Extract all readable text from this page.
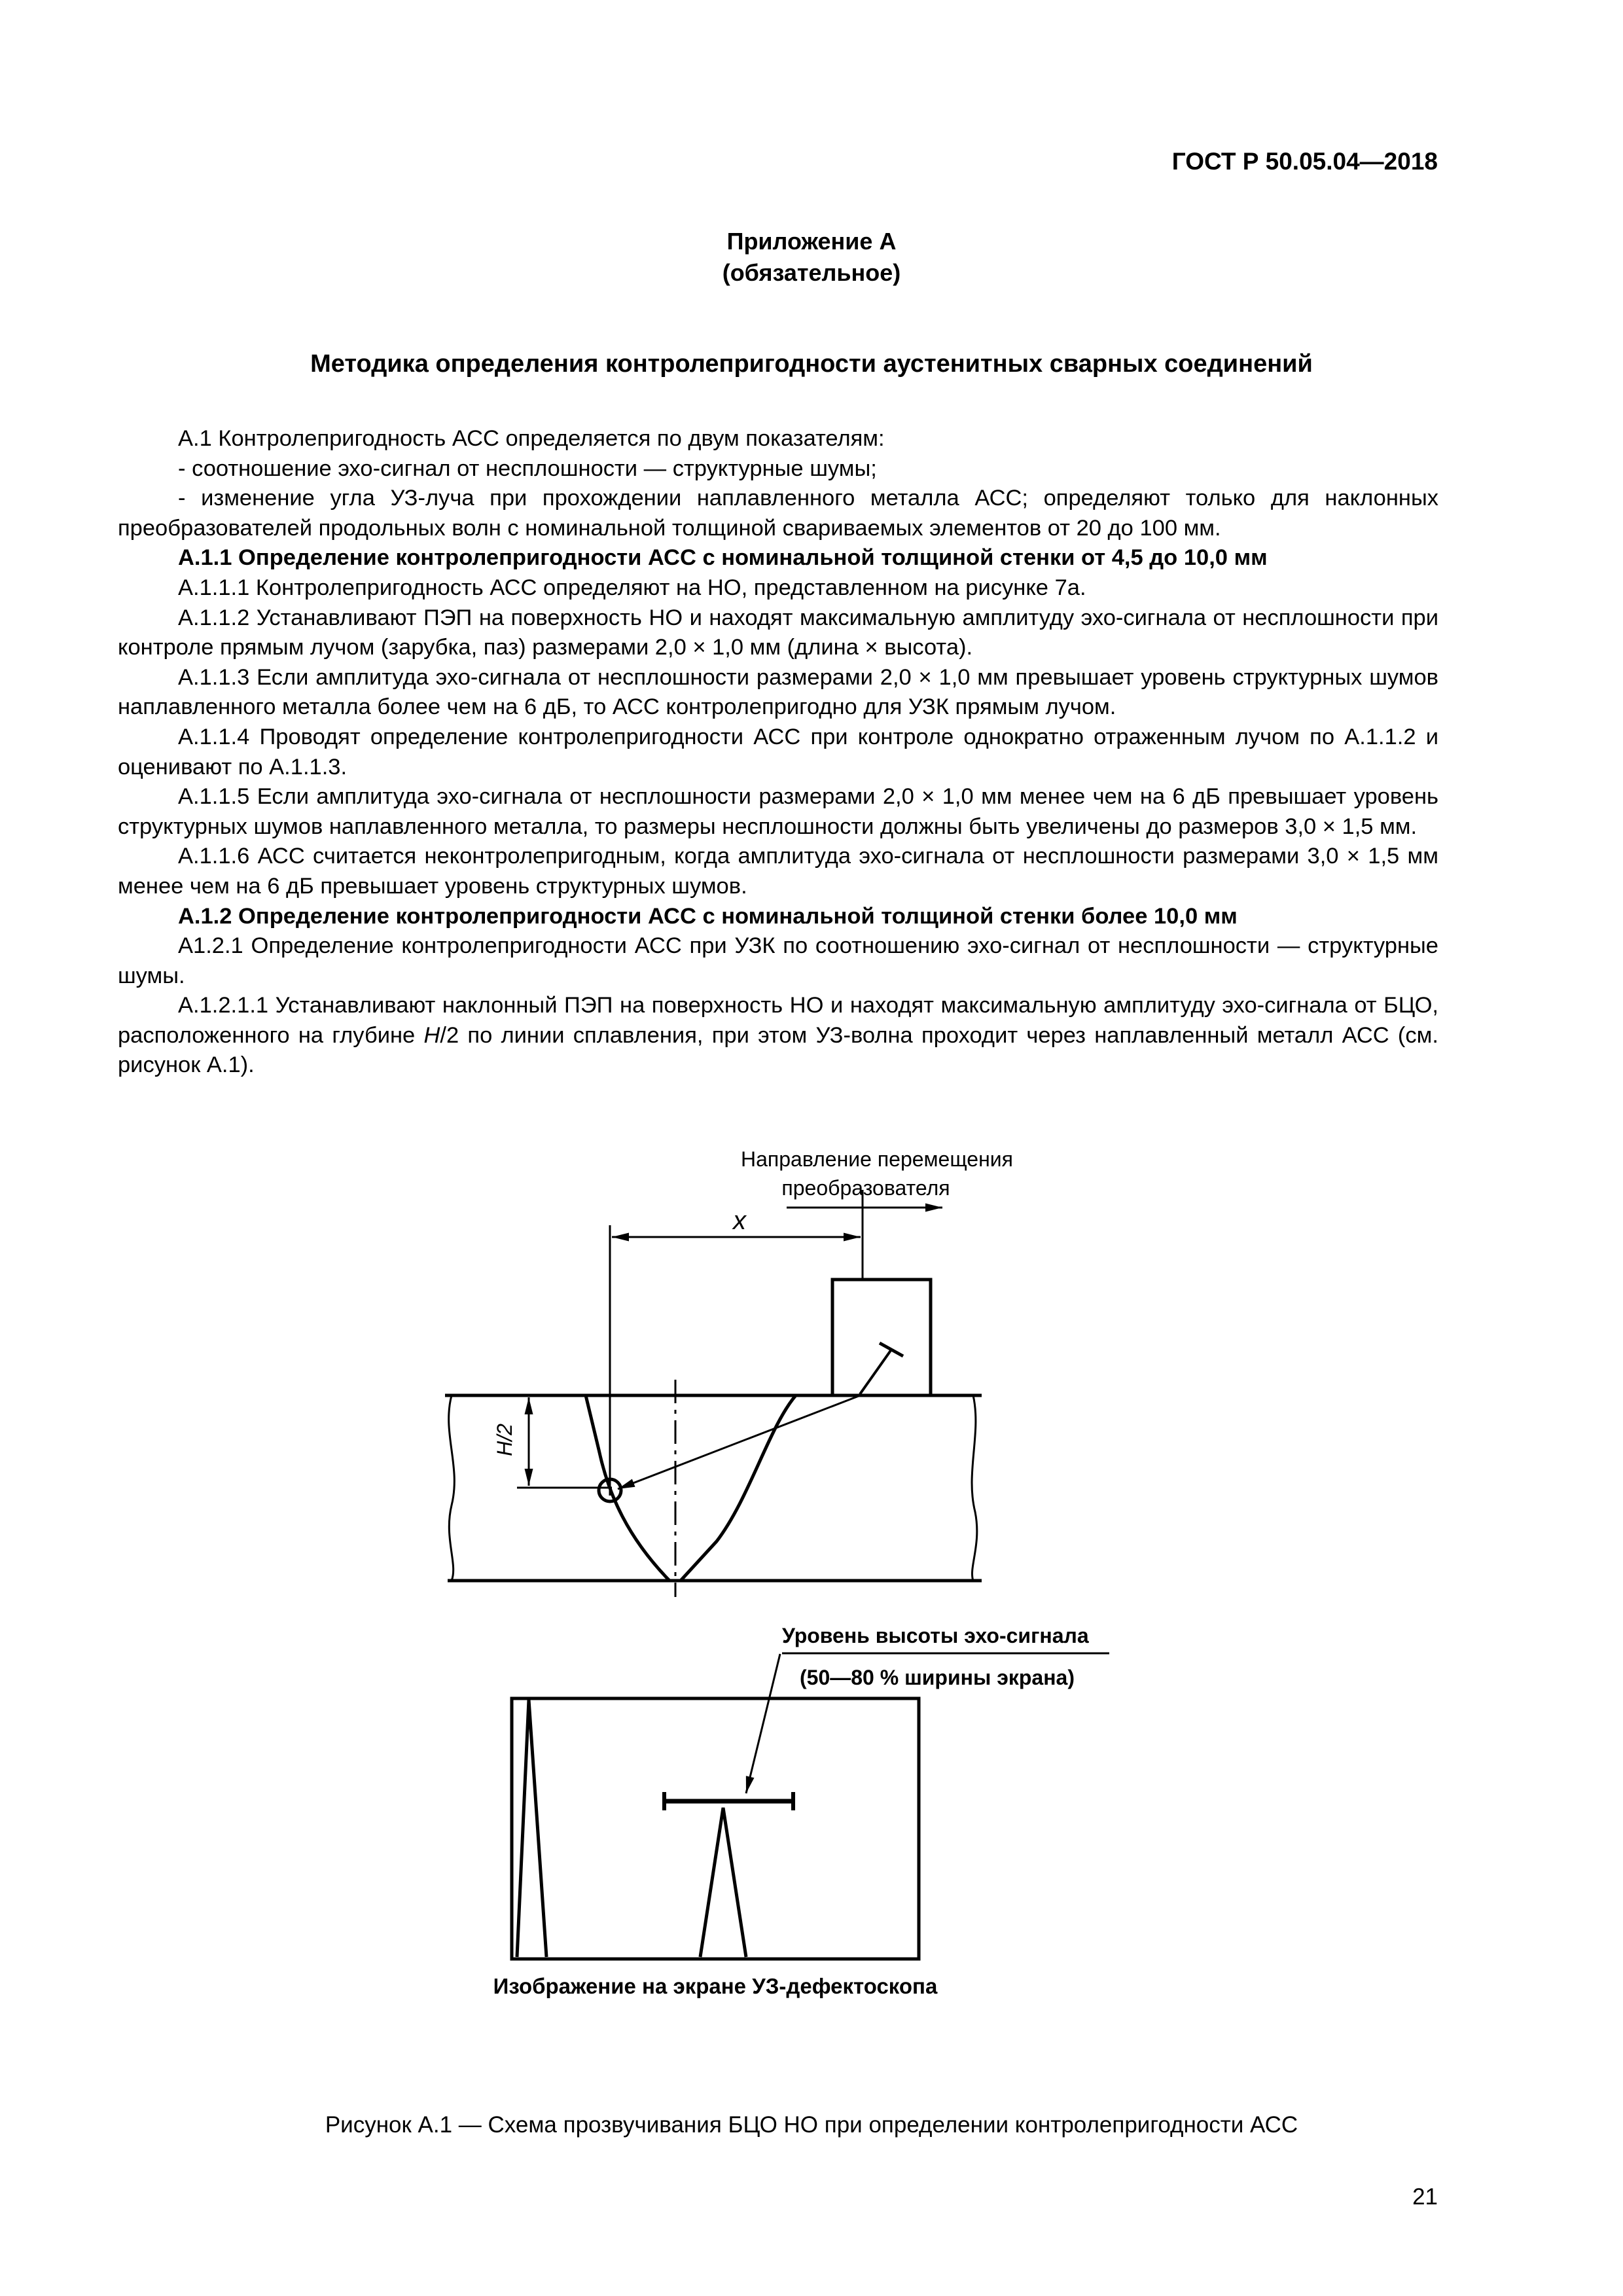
ГОСТ Р 50.05.04—2018
Приложение А
(обязательное)
Методика определения контролепригодности аустенитных сварных соединений

А.1 Контролепригодность АСС определяется по двум показателям:

- соотношение эхо-сигнал от несплошности — структурные шумы;

- изменение угла УЗ-луча при прохождении наплавленного металла АСС; определяют только для наклонных преобразователей продольных волн с номинальной толщиной свариваемых элементов от 20 до 100 мм.

А.1.1 Определение контролепригодности АСС с номинальной толщиной стенки от 4,5 до 10,0 мм

А.1.1.1 Контролепригодность АСС определяют на НО, представленном на рисунке 7а.

А.1.1.2 Устанавливают ПЭП на поверхность НО и находят максимальную амплитуду эхо-сигнала от несплошности при контроле прямым лучом (зарубка, паз) размерами 2,0 × 1,0 мм (длина × высота).

А.1.1.3 Если амплитуда эхо-сигнала от несплошности размерами 2,0 × 1,0 мм превышает уровень структурных шумов наплавленного металла более чем на 6 дБ, то АСС контролепригодно для УЗК прямым лучом.

А.1.1.4 Проводят определение контролепригодности АСС при контроле однократно отраженным лучом по А.1.1.2 и оценивают по А.1.1.3.

А.1.1.5 Если амплитуда эхо-сигнала от несплошности размерами 2,0 × 1,0 мм менее чем на 6 дБ превышает уровень структурных шумов наплавленного металла, то размеры несплошности должны быть увеличены до размеров 3,0 × 1,5 мм.

А.1.1.6 АСС считается неконтролепригодным, когда амплитуда эхо-сигнала от несплошности размерами 3,0 × 1,5 мм менее чем на 6 дБ превышает уровень структурных шумов.

А.1.2 Определение контролепригодности АСС с номинальной толщиной стенки более 10,0 мм

А1.2.1 Определение контролепригодности АСС при УЗК по соотношению эхо-сигнал от несплошности — структурные шумы.

А.1.2.1.1 Устанавливают наклонный ПЭП на поверхность НО и находят максимальную амплитуду эхо-сигнала от БЦО, расположенного на глубине H/2 по линии сплавления, при этом УЗ-волна проходит через наплавленный металл АСС (см. рисунок А.1).

Направление перемещения
преобразователя
x
H/2
Уровень высоты эхо-сигнала
(50—80 % ширины экрана)
Изображение на экране УЗ-дефектоскопа
Рисунок А.1 — Схема прозвучивания БЦО НО при определении контролепригодности АСС
21
